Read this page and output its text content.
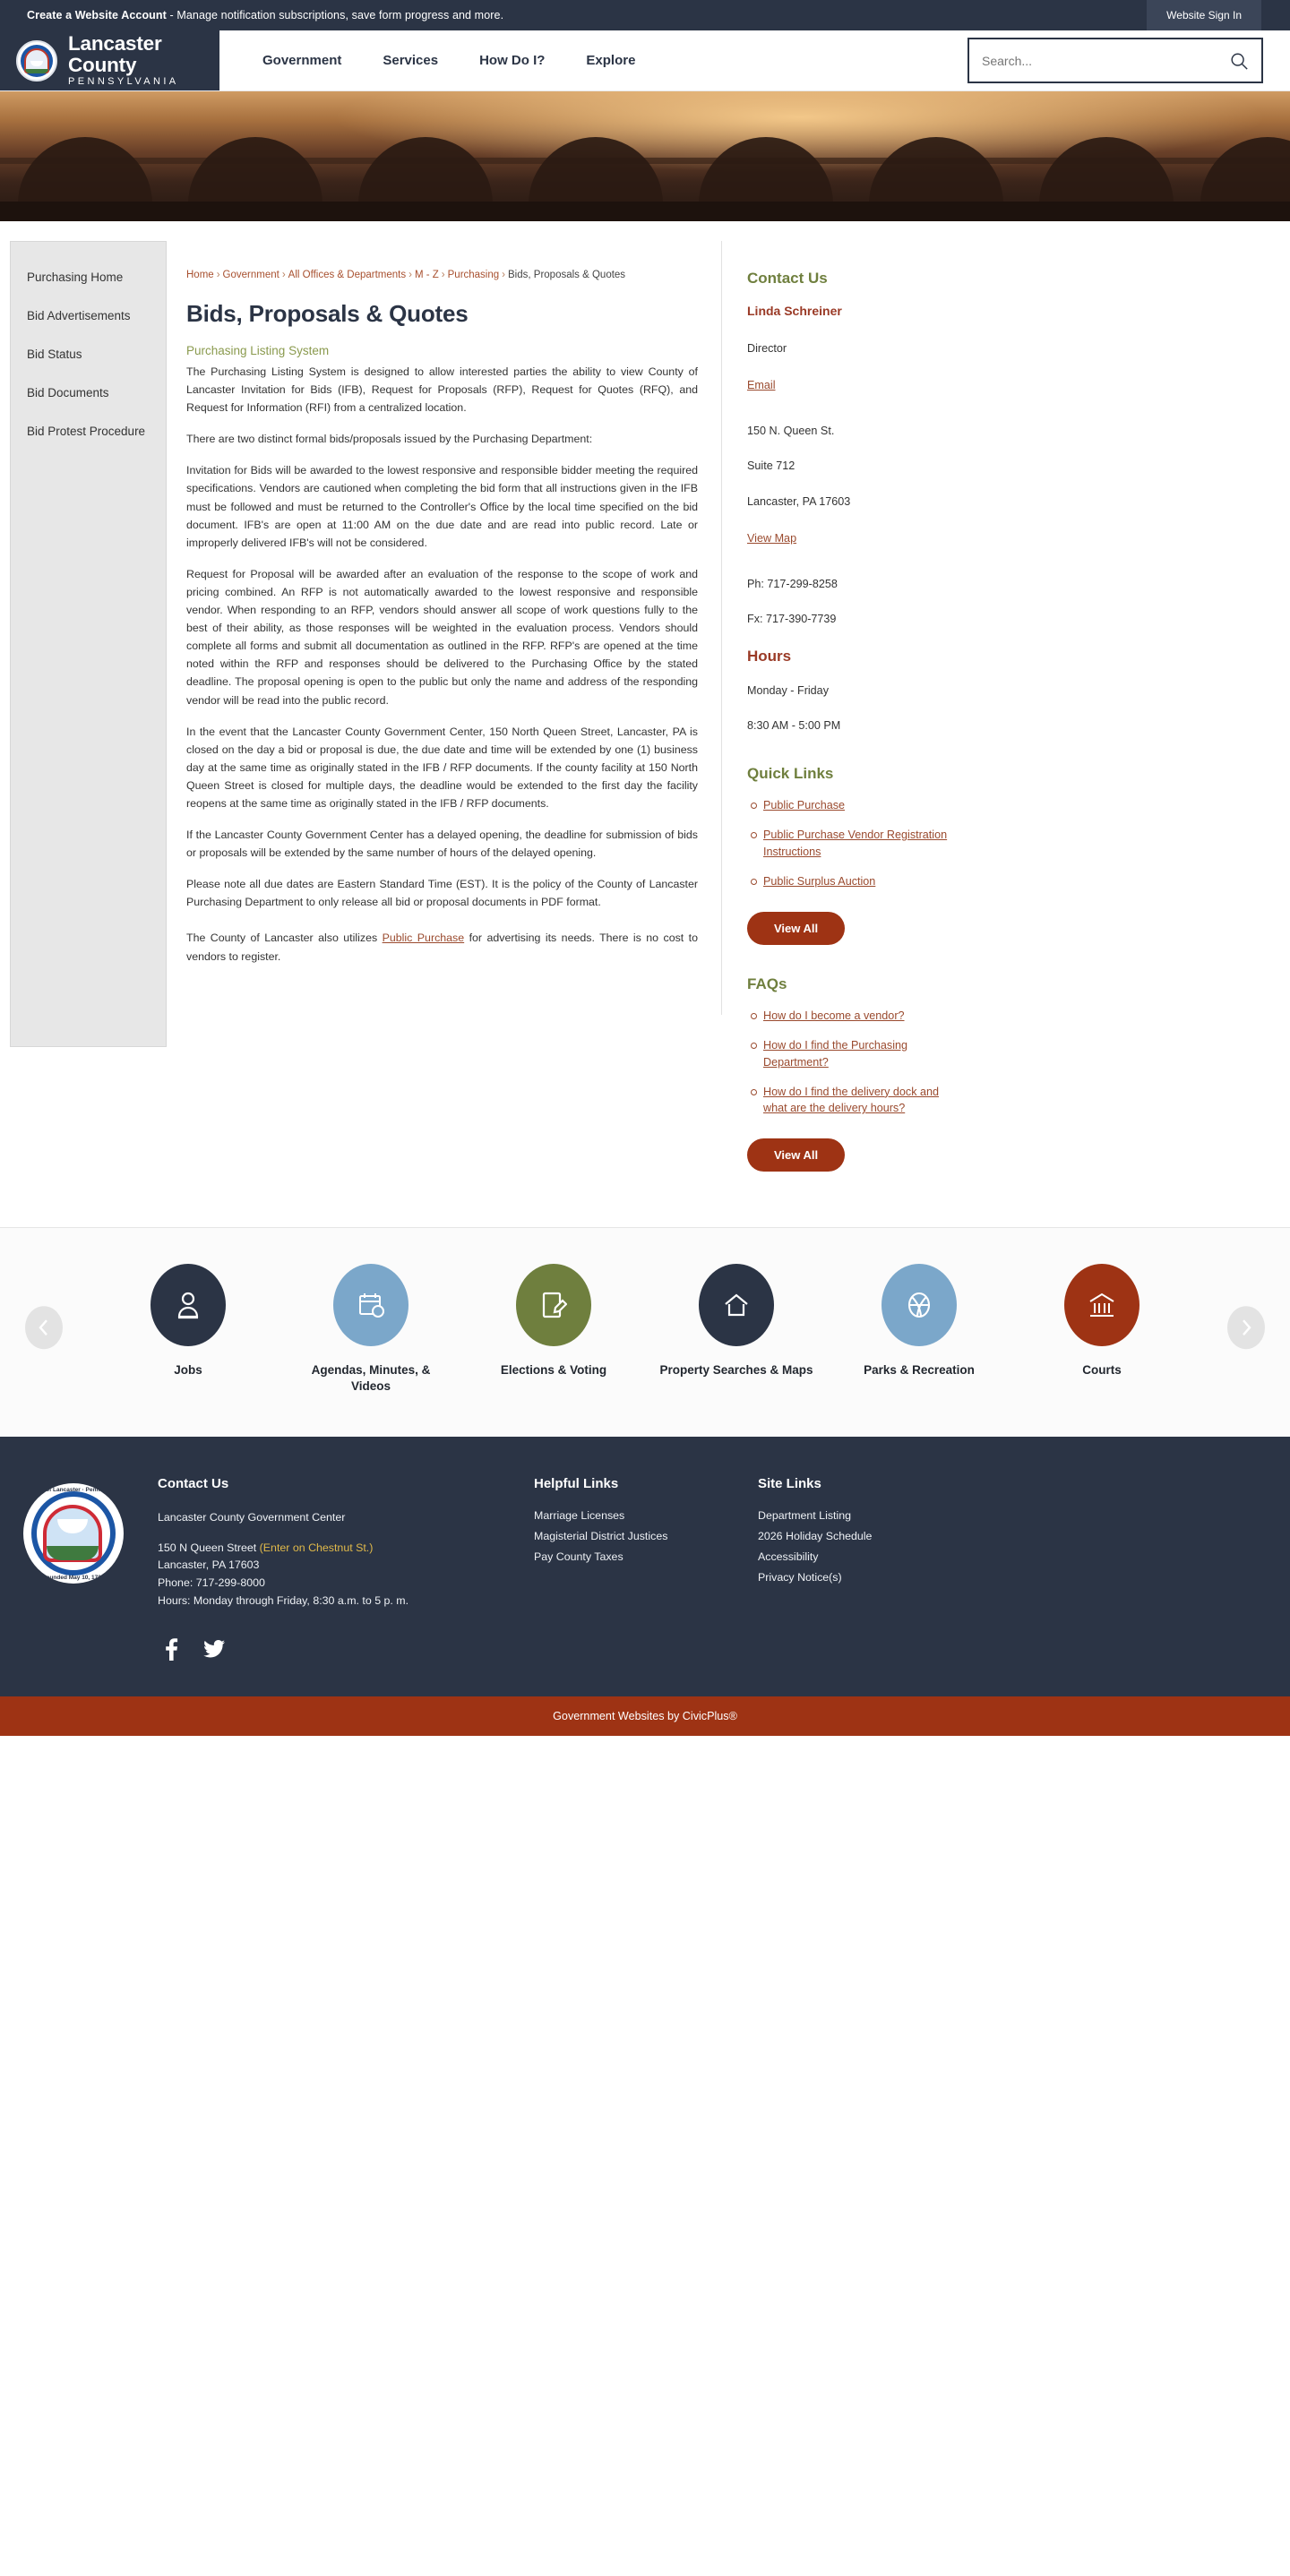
Create a Website Account - Manage notification subscriptions, save form progress and more.	Website Sign In
Lancaster County
PENNSYLVANIA
Government	Services	How Do I?	Explore
Search...
Purchasing Home
Bid Advertisements
Bid Status
Bid Documents
Bid Protest Procedure
Home › Government › All Offices & Departments › M - Z › Purchasing › Bids, Proposals & Quotes
Bids, Proposals & Quotes
Purchasing Listing System

The Purchasing Listing System is designed to allow interested parties the ability to view County of Lancaster Invitation for Bids (IFB), Request for Proposals (RFP), Request for Quotes (RFQ), and Request for Information (RFI) from a centralized location.

There are two distinct formal bids/proposals issued by the Purchasing Department:

Invitation for Bids will be awarded to the lowest responsive and responsible bidder meeting the required specifications. Vendors are cautioned when completing the bid form that all instructions given in the IFB must be followed and must be returned to the Controller's Office by the local time specified on the bid document. IFB's are open at 11:00 AM on the due date and are read into public record. Late or improperly delivered IFB's will not be considered.

Request for Proposal will be awarded after an evaluation of the response to the scope of work and pricing combined. An RFP is not automatically awarded to the lowest responsive and responsible vendor. When responding to an RFP, vendors should answer all scope of work questions fully to the best of their ability, as those responses will be weighted in the evaluation process. Vendors should complete all forms and submit all documentation as outlined in the RFP. RFP's are opened at the time noted within the RFP and responses should be delivered to the Purchasing Office by the stated deadline. The proposal opening is open to the public but only the name and address of the responding vendor will be read into the public record.

In the event that the Lancaster County Government Center, 150 North Queen Street, Lancaster, PA is closed on the day a bid or proposal is due, the due date and time will be extended by one (1) business day at the same time as originally stated in the IFB / RFP documents. If the county facility at 150 North Queen Street is closed for multiple days, the deadline would be extended to the first day the facility reopens at the same time as originally stated in the IFB / RFP documents.

If the Lancaster County Government Center has a delayed opening, the deadline for submission of bids or proposals will be extended by the same number of hours of the delayed opening.

Please note all due dates are Eastern Standard Time (EST). It is the policy of the County of Lancaster Purchasing Department to only release all bid or proposal documents in PDF format.

The County of Lancaster also utilizes Public Purchase for advertising its needs. There is no cost to vendors to register.

Contact Us
Linda Schreiner
Director
Email
150 N. Queen St.
Suite 712
Lancaster, PA 17603
View Map
Ph: 717-299-8258
Fx: 717-390-7739
Hours
Monday - Friday
8:30 AM - 5:00 PM
Quick Links
Public Purchase
Public Purchase Vendor Registration Instructions
Public Surplus Auction
View All
FAQs
How do I become a vendor?
How do I find the Purchasing Department?
How do I find the delivery dock and what are the delivery hours?
View All
Jobs	Agendas, Minutes, & Videos
Elections & Voting	Property Searches & Maps	Parks & Recreation	Courts
County of Lancaster · Pennsylvania
Founded May 10, 1729
Contact Us
Lancaster County Government Center
150 N Queen Street (Enter on Chestnut St.)
Lancaster, PA 17603
Phone: 717-299-8000
Hours: Monday through Friday, 8:30 a.m. to 5 p. m.
Helpful Links
Marriage Licenses
Magisterial District Justices
Pay County Taxes
Site Links
Department Listing
2026 Holiday Schedule
Accessibility
Privacy Notice(s)
Government Websites by CivicPlus®
